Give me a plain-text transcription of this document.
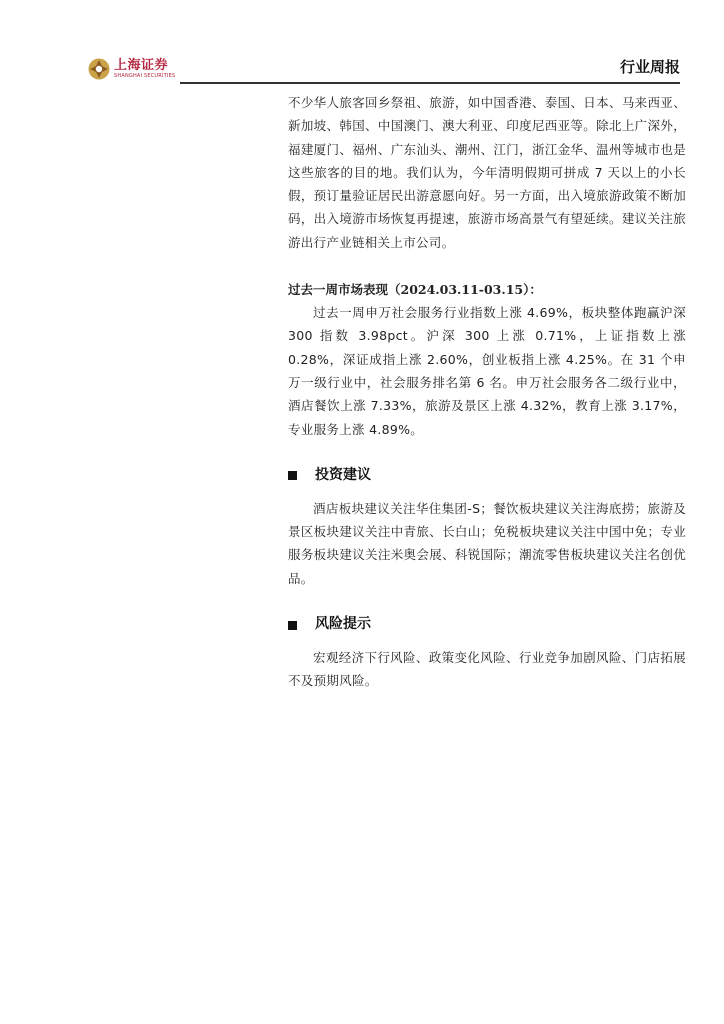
上海证券
SHANGHAI SECURITIES	行业周报

不少华人旅客回乡祭祖、旅游，如中国香港、泰国、日本、马来西亚、新加坡、韩国、中国澳门、澳大利亚、印度尼西亚等。除北上广深外，福建厦门、福州、广东汕头、潮州、江门，浙江金华、温州等城市也是这些旅客的目的地。我们认为，今年清明假期可拼成 7 天以上的小长假，预订量验证居民出游意愿向好。另一方面，出入境旅游政策不断加码，出入境游市场恢复再提速，旅游市场高景气有望延续。建议关注旅游出行产业链相关上市公司。

过去一周市场表现（2024.03.11-03.15）：

过去一周申万社会服务行业指数上涨 4.69%，板块整体跑赢沪深 300 指数 3.98pct。沪深 300 上涨 0.71%，上证指数上涨 0.28%，深证成指上涨 2.60%，创业板指上涨 4.25%。在 31 个申万一级行业中，社会服务排名第 6 名。申万社会服务各二级行业中，酒店餐饮上涨 7.33%，旅游及景区上涨 4.32%，教育上涨 3.17%，专业服务上涨 4.89%。

投资建议

酒店板块建议关注华住集团-S；餐饮板块建议关注海底捞；旅游及景区板块建议关注中青旅、长白山；免税板块建议关注中国中免；专业服务板块建议关注米奥会展、科锐国际；潮流零售板块建议关注名创优品。

风险提示

宏观经济下行风险、政策变化风险、行业竞争加剧风险、门店拓展不及预期风险。
